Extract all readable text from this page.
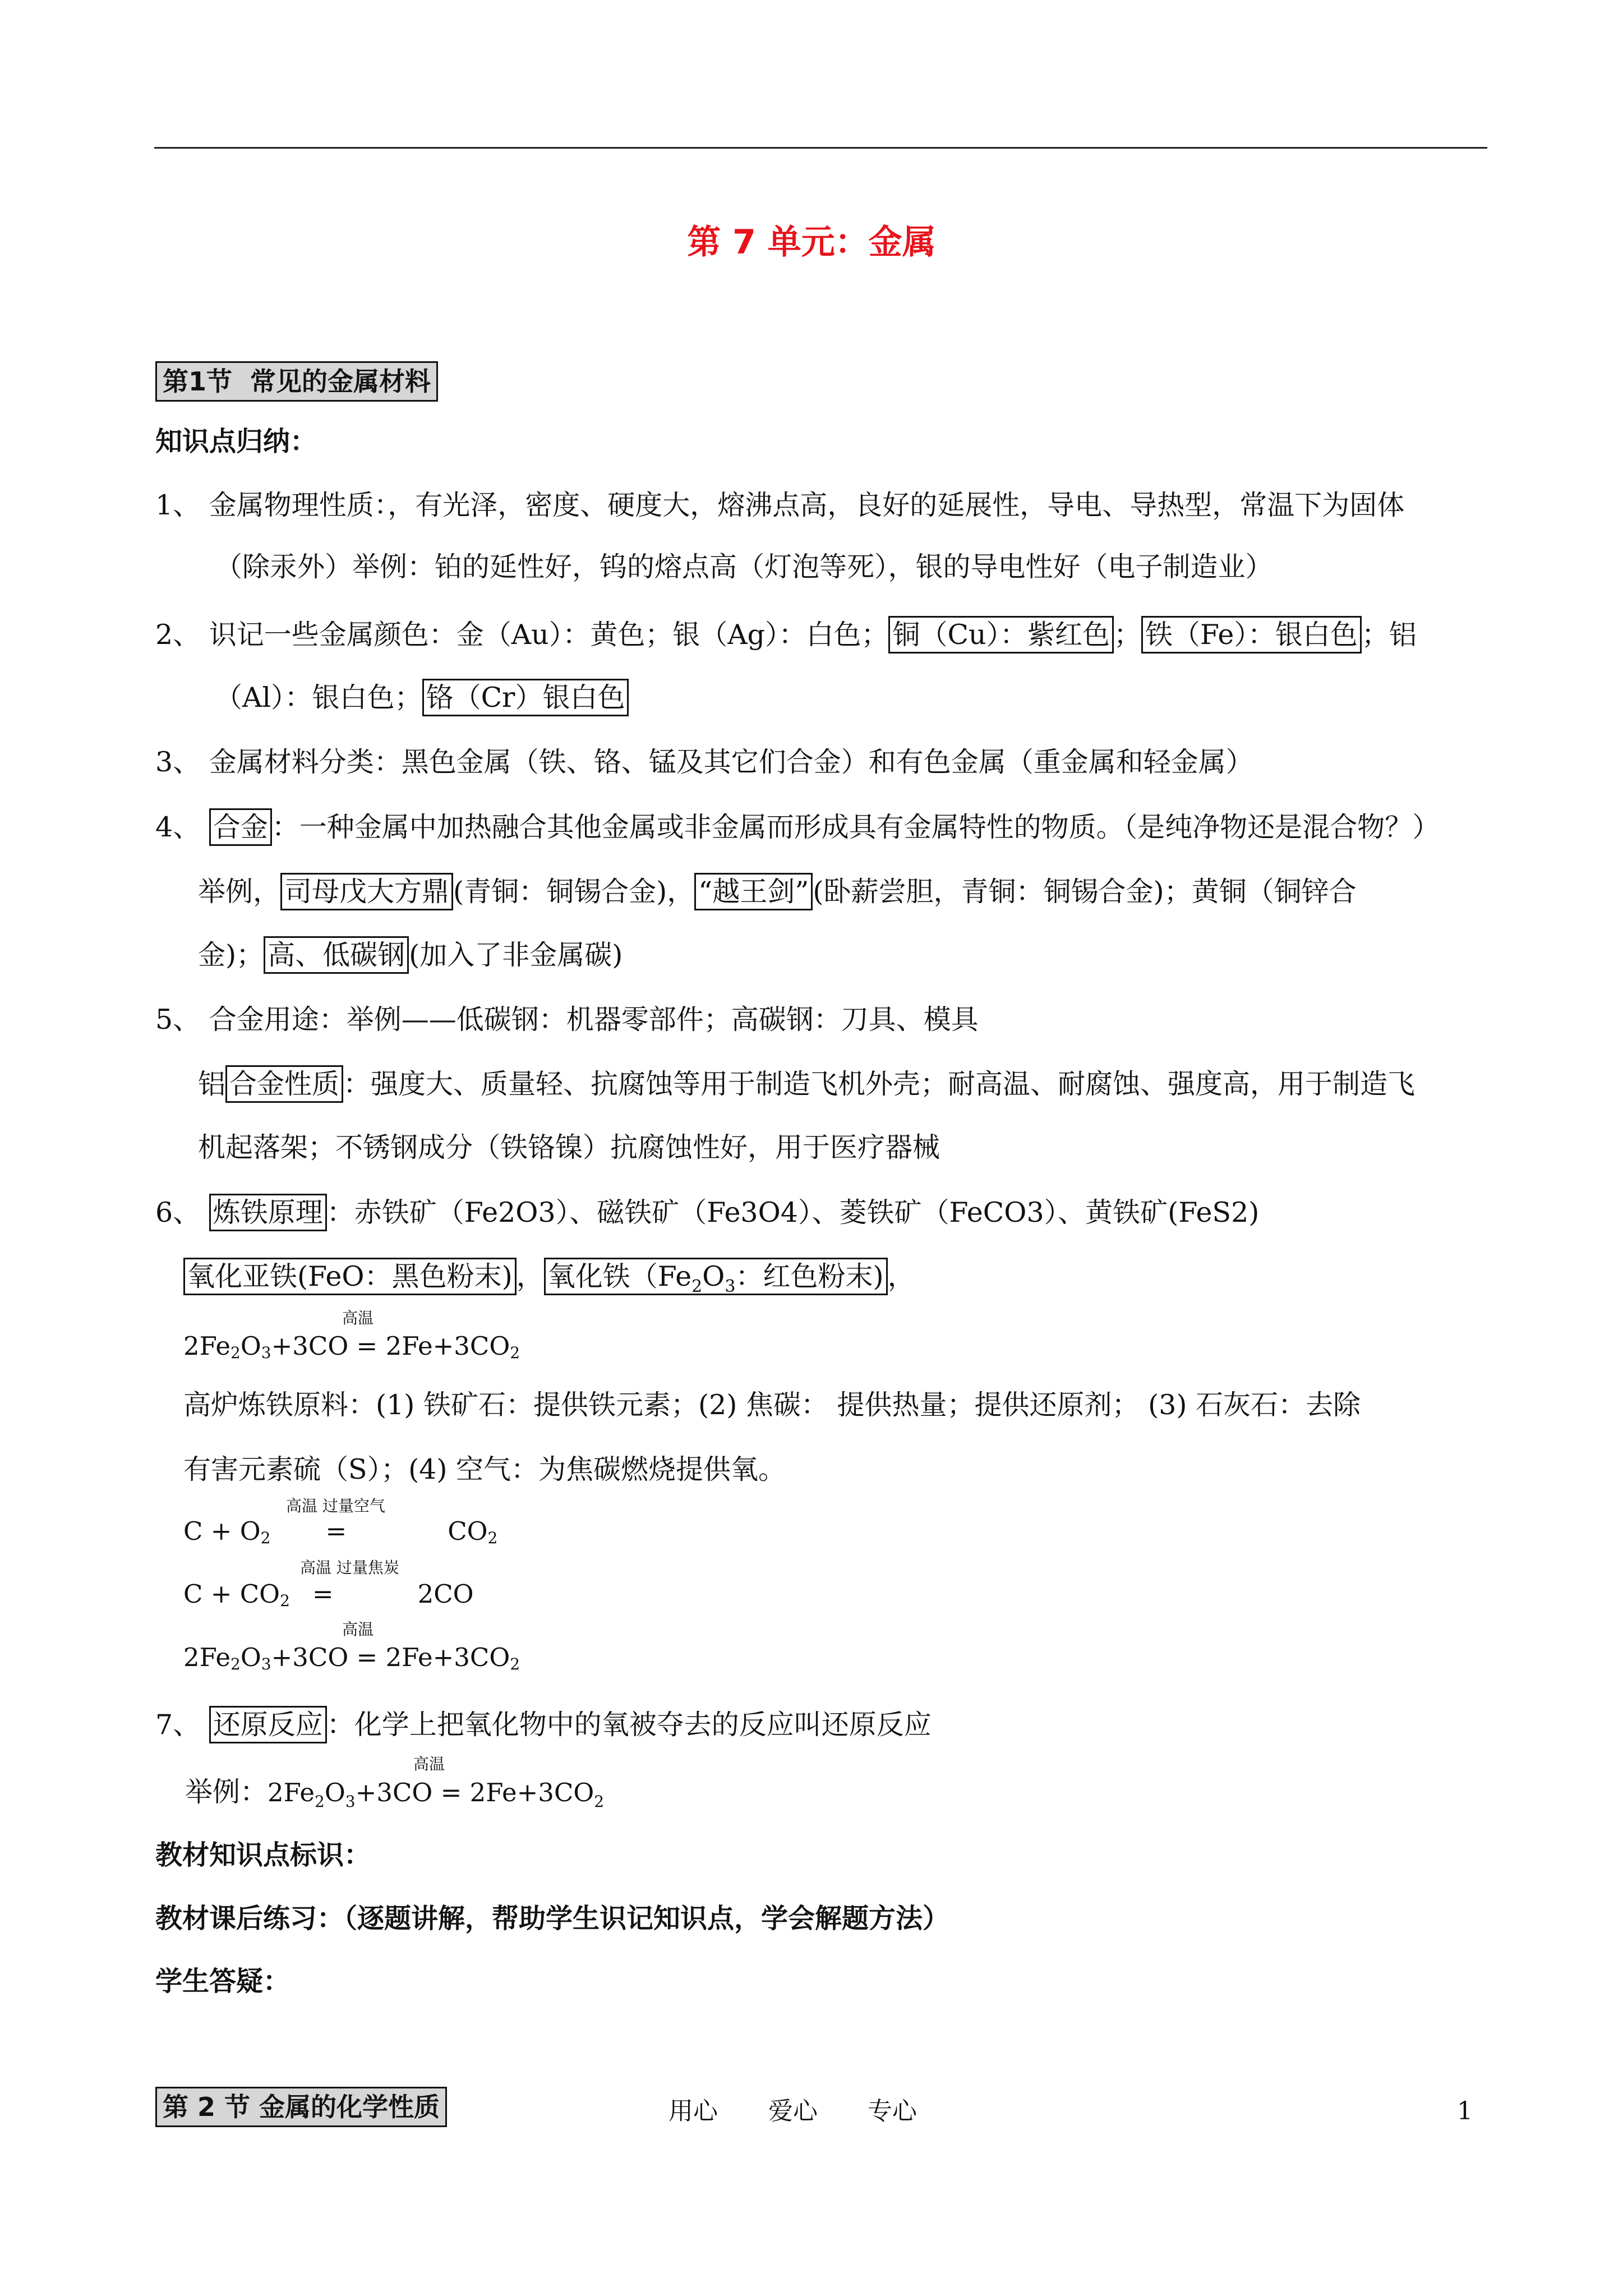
第 7 单元：金属
第1节  常见的金属材料
知识点归纳：
1、 金属物理性质：，有光泽，密度、硬度大，熔沸点高，良好的延展性，导电、导热型，常温下为固体
（除汞外）举例：铂的延性好，钨的熔点高（灯泡等死），银的导电性好（电子制造业）
2、 识记一些金属颜色：金（Au）：黄色；银（Ag）：白色； 铜（Cu）：紫红色 ； 铁（Fe）：银白色 ；铝
（Al）：银白色； 铬（Cr）银白色
3、 金属材料分类：黑色金属（铁、铬、锰及其它们合金）和有色金属（重金属和轻金属）
4、 合金 ：一种金属中加热融合其他金属或非金属而形成具有金属特性的物质。（是纯净物还是混合物？）
举例， 司母戊大方鼎 (青铜：铜锡合金)， “越王剑” (卧薪尝胆，青铜：铜锡合金)；黄铜（铜锌合
金)； 高、低碳钢 (加入了非金属碳)
5、 合金用途：举例——低碳钢：机器零部件；高碳钢：刀具、模具
铝 合金性质 ：强度大、质量轻、抗腐蚀等用于制造飞机外壳；耐高温、耐腐蚀、强度高，用于制造飞
机起落架；不锈钢成分（铁铬镍）抗腐蚀性好，用于医疗器械
6、 炼铁原理 ：赤铁矿（Fe2O3）、磁铁矿（Fe3O4）、菱铁矿（FeCO3）、黄铁矿(FeS2)
氧化亚铁(FeO：黑色粉末) ， 氧化铁（$Fe_2O_3$：红色粉末) ，
高温
$2Fe_2O_3+3CO = 2Fe+3CO_2$
高炉炼铁原料：(1) 铁矿石：提供铁元素；(2) 焦碳： 提供热量；提供还原剂； (3) 石灰石：去除
有害元素硫（S）；(4) 空气：为焦碳燃烧提供氧。
高温 过量空气
$C + O_2$ =	$CO_2$
高温 过量焦炭
$C + CO_2$ =	2CO
高温
$2Fe_2O_3+3CO = 2Fe+3CO_2$
7、 还原反应 ：化学上把氧化物中的氧被夺去的反应叫还原反应
高温
举例：$2Fe_2O_3+3CO = 2Fe+3CO_2$
教材知识点标识：
教材课后练习：（逐题讲解，帮助学生识记知识点，学会解题方法）
学生答疑：
第 2 节 金属的化学性质	用心 爱心 专心	1
